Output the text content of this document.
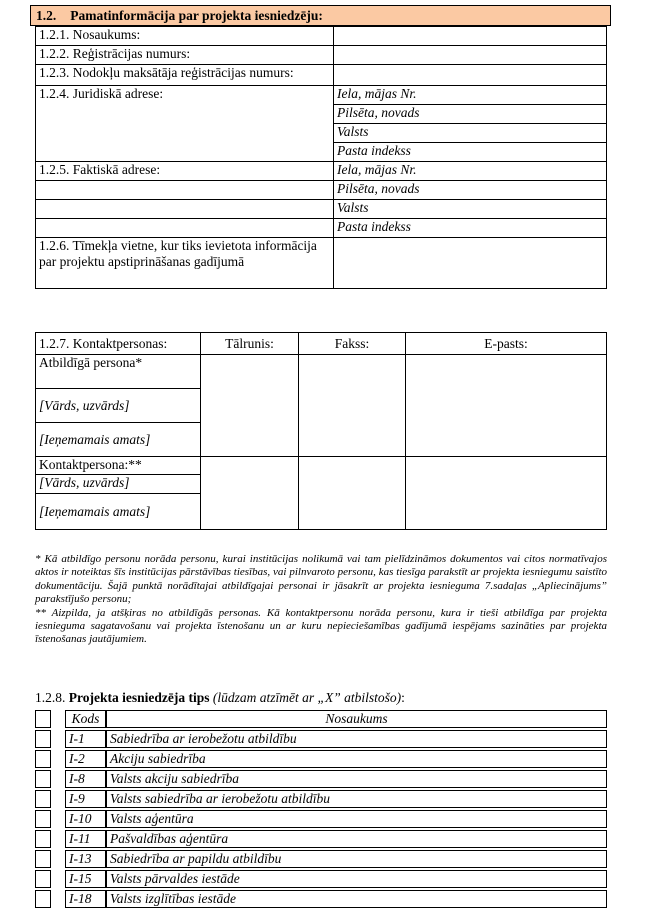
1.2. Pamatinformācija par projekta iesniedzēju:
1.2.1. Nosaukums:	
1.2.2. Reģistrācijas numurs:	
1.2.3. Nodokļu maksātāja reģistrācijas numurs:	
1.2.4. Juridiskā adrese:	Iela, mājas Nr.
	Pilsēta, novads
	Valsts
	Pasta indekss
1.2.5. Faktiskā adrese:	Iela, mājas Nr.
	Pilsēta, novads
	Valsts
	Pasta indekss
1.2.6. Tīmekļa vietne, kur tiks ievietota informācija par projektu apstiprināšanas gadījumā	
1.2.7. Kontaktpersonas:	Tālrunis:	Fakss:	E-pasts:
Atbildīgā persona*			
[Vārds, uzvārds]			
[Ieņemamais amats]			
Kontaktpersona:**			
[Vārds, uzvārds]			
[Ieņemamais amats]			

* Kā atbildīgo personu norāda personu, kurai institūcijas nolikumā vai tam pielīdzināmos dokumentos vai citos normatīvajos aktos ir noteiktas šīs institūcijas pārstāvības tiesības, vai pilnvaroto personu, kas tiesīga parakstīt ar projekta iesniegumu saistīto dokumentāciju. Šajā punktā norādītajai atbildīgajai personai ir jāsakrīt ar projekta iesnieguma 7.sadaļas „Apliecinājums” parakstījušo personu;

** Aizpilda, ja atšķiras no atbildīgās personas. Kā kontaktpersonu norāda personu, kura ir tieši atbildīga par projekta iesnieguma sagatavošanu vai projekta īstenošanu un ar kuru nepieciešamības gadījumā iespējams sazināties par projekta īstenošanas jautājumiem.

1.2.8. Projekta iesniedzēja tips (lūdzam atzīmēt ar „X” atbilstošo):
		Kods	Nosaukums
		I-1	Sabiedrība ar ierobežotu atbildību
		I-2	Akciju sabiedrība
		I-8	Valsts akciju sabiedrība
		I-9	Valsts sabiedrība ar ierobežotu atbildību
		I-10	Valsts aģentūra
		I-11	Pašvaldības aģentūra
		I-13	Sabiedrība ar papildu atbildību
		I-15	Valsts pārvaldes iestāde
		I-18	Valsts izglītības iestāde
